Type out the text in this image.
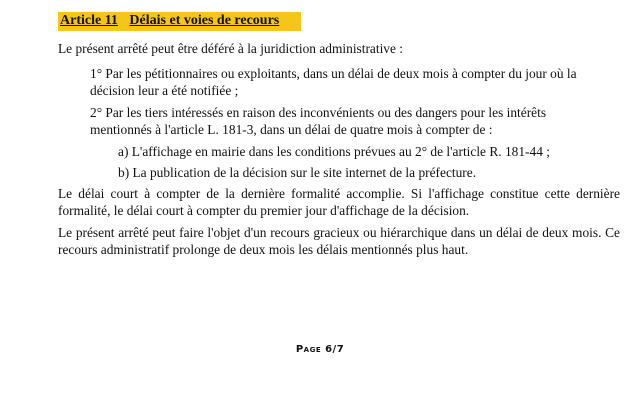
Article 11 Délais et voies de recours
Le présent arrêté peut être déféré à la juridiction administrative :
1° Par les pétitionnaires ou exploitants, dans un délai de deux mois à compter du jour où la décision leur a été notifiée ;
2° Par les tiers intéressés en raison des inconvénients ou des dangers pour les intérêts mentionnés à l'article L. 181-3, dans un délai de quatre mois à compter de :
a) L'affichage en mairie dans les conditions prévues au 2° de l'article R. 181-44 ;
b) La publication de la décision sur le site internet de la préfecture.
Le délai court à compter de la dernière formalité accomplie. Si l'affichage constitue cette dernière formalité, le délai court à compter du premier jour d'affichage de la décision.
Le présent arrêté peut faire l'objet d'un recours gracieux ou hiérarchique dans un délai de deux mois. Ce recours administratif prolonge de deux mois les délais mentionnés plus haut.
Page 6/7
